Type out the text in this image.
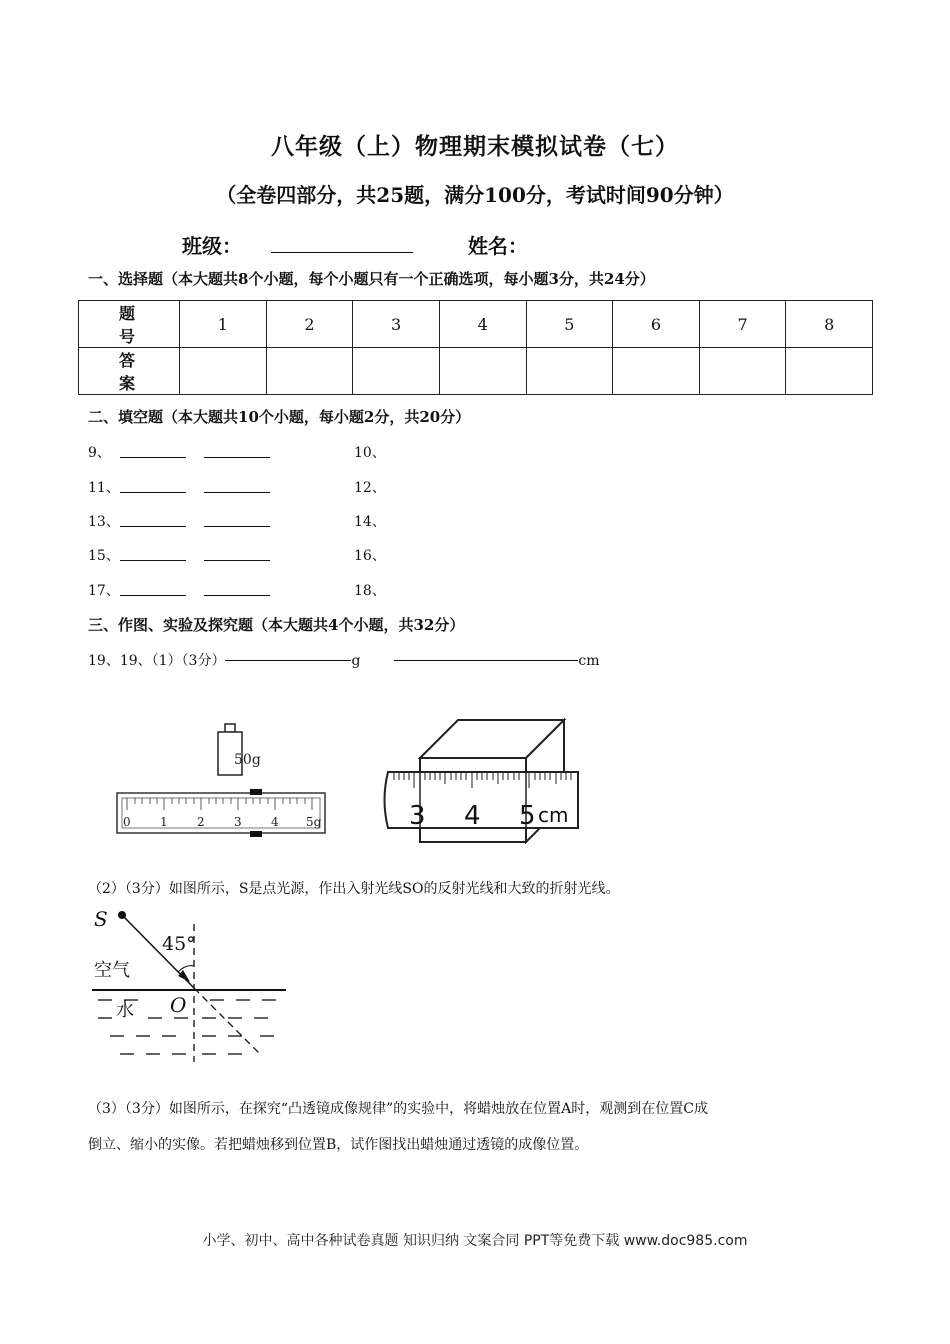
八年级（上）物理期末模拟试卷（七）
（全卷四部分，共25题，满分100分，考试时间90分钟）
班级：	姓名：
一、选择题（本大题共8个小题，每个小题只有一个正确选项，每小题3分，共24分）
题 号	1	2	3	4	5	6	7	8
答 案								
二、填空题（本大题共10个小题，每小题2分，共20分）
9、	10、
11、	12、
13、	14、
15、	16、
17、	18、
三、作图、实验及探究题（本大题共4个小题，共32分）
19、19、（1）（3分）	g	cm
50g
0 1 2 3 4 5g	3 4 5 cm
（2）（3分）如图所示，S是点光源，作出入射光线SO的反射光线和大致的折射光线。
S
45°
空气
水 O
（3）（3分）如图所示，在探究“凸透镜成像规律”的实验中，将蜡烛放在位置A时，观测到在位置C成
倒立、缩小的实像。若把蜡烛移到位置B，试作图找出蜡烛通过透镜的成像位置。
小学、初中、高中各种试卷真题 知识归纳 文案合同 PPT等免费下载 www.doc985.com
